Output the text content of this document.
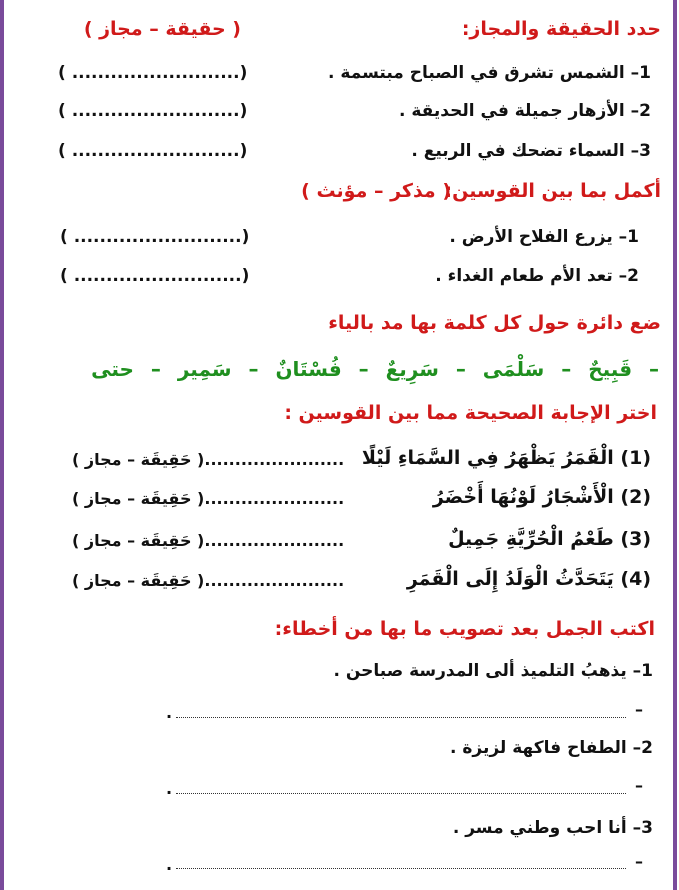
حدد الحقيقة والمجاز:
( حقيقة – مجاز )
1– الشمس تشرق في الصباح مبتسمة .
(.......................... )
2– الأزهار جميلة في الحديقة .
(.......................... )
3– السماء تضحك في الربيع .
(.......................... )
أكمل بما بين القوسين:
( مذكر – مؤنث )
1– يزرع الفلاح الأرض .
(.......................... )
2– تعد الأم طعام الغداء .
(.......................... )
ضع دائرة حول كل كلمة بها مد بالياء
– قَبِيحٌ – سَلْمَى – سَرِيعٌ – فُسْتَانٌ – سَمِير – حتى
اختر الإجابة الصحيحة مما بين القوسين :
(1) الْقَمَرُ يَظْهَرُ فِي السَّمَاءِ لَيْلًا
.......................( حَقِيقَة – مجاز )
(2) الْأَشْجَارُ لَوْنُهَا أَخْضَرُ
.......................( حَقِيقَة – مجاز )
(3) طَعْمُ الْحُرِّيَّةِ جَمِيلٌ
.......................( حَقِيقَة – مجاز )
(4) يَتَحَدَّثُ الْوَلَدُ إِلَى الْقَمَرِ
.......................( حَقِيقَة – مجاز )
اكتب الجمل بعد تصويب ما بها من أخطاء:
1– يذهبُ التلميذ ألى المدرسة صباحن .
–
.
2– الطفاح فاكهة لزيزة .
–
.
3– أنا احب وطني مسر .
–
.
